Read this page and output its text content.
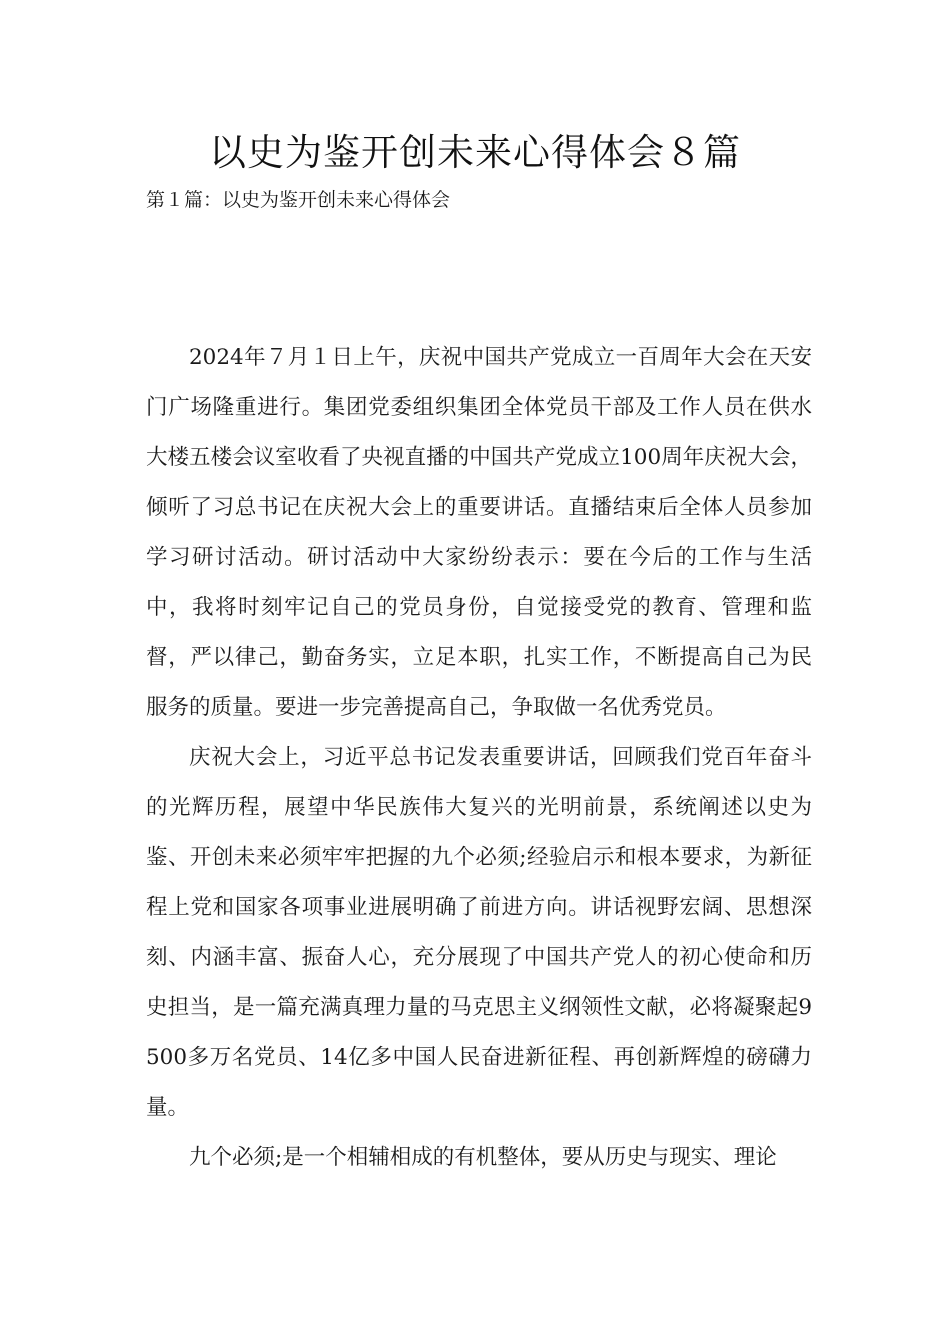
以史为鉴开创未来心得体会８篇
第１篇：以史为鉴开创未来心得体会

2024年７月１日上午，庆祝中国共产党成立一百周年大会在天安门广场隆重进行。集团党委组织集团全体党员干部及工作人员在供水大楼五楼会议室收看了央视直播的中国共产党成立100周年庆祝大会，倾听了习总书记在庆祝大会上的重要讲话。直播结束后全体人员参加学习研讨活动。研讨活动中大家纷纷表示：要在今后的工作与生活中，我将时刻牢记自己的党员身份，自觉接受党的教育、管理和监督，严以律己，勤奋务实，立足本职，扎实工作，不断提高自己为民服务的质量。要进一步完善提高自己，争取做一名优秀党员。

庆祝大会上，习近平总书记发表重要讲话，回顾我们党百年奋斗的光辉历程，展望中华民族伟大复兴的光明前景，系统阐述以史为鉴、开创未来必须牢牢把握的九个必须;经验启示和根本要求，为新征程上党和国家各项事业进展明确了前进方向。讲话视野宏阔、思想深刻、内涵丰富、振奋人心，充分展现了中国共产党人的初心使命和历史担当，是一篇充满真理力量的马克思主义纲领性文献，必将凝聚起9500多万名党员、14亿多中国人民奋进新征程、再创新辉煌的磅礴力量。

九个必须;是一个相辅相成的有机整体，要从历史与现实、理论
